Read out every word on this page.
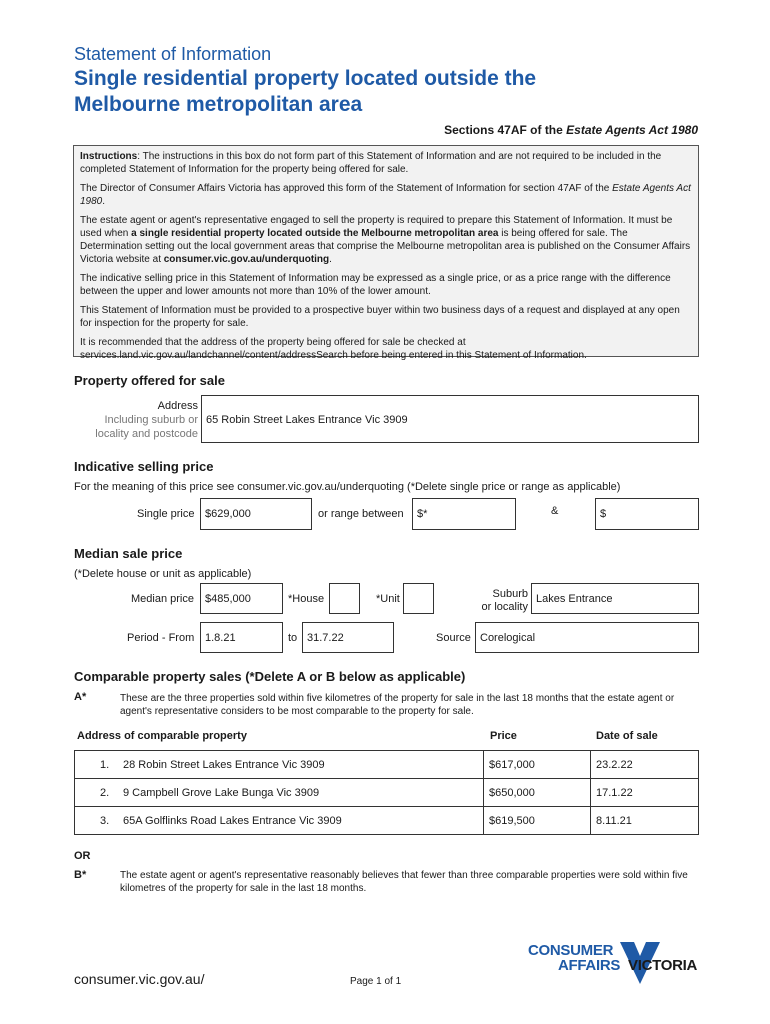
Statement of Information
Single residential property located outside the
Melbourne metropolitan area
Sections 47AF of the Estate Agents Act 1980

Instructions: The instructions in this box do not form part of this Statement of Information and are not required to be included in the completed Statement of Information for the property being offered for sale.

The Director of Consumer Affairs Victoria has approved this form of the Statement of Information for section 47AF of the Estate Agents Act 1980.

The estate agent or agent's representative engaged to sell the property is required to prepare this Statement of Information. It must be used when a single residential property located outside the Melbourne metropolitan area is being offered for sale. The Determination setting out the local government areas that comprise the Melbourne metropolitan area is published on the Consumer Affairs Victoria website at consumer.vic.gov.au/underquoting.

The indicative selling price in this Statement of Information may be expressed as a single price, or as a price range with the difference between the upper and lower amounts not more than 10% of the lower amount.

This Statement of Information must be provided to a prospective buyer within two business days of a request and displayed at any open for inspection for the property for sale.

It is recommended that the address of the property being offered for sale be checked at services.land.vic.gov.au/landchannel/content/addressSearch before being entered in this Statement of Information.

Property offered for sale
Address
Including suburb or
locality and postcode
65 Robin Street Lakes Entrance Vic 3909
Indicative selling price
For the meaning of this price see consumer.vic.gov.au/underquoting (*Delete single price or range as applicable)
Single price $629,000	or range between $*	&	$
Median sale price
(*Delete house or unit as applicable)
Median price $485,000	*House	*Unit	Suburb
or locality
Lakes Entrance
Period - From 1.8.21	to 31.7.22	Source Corelogical
Comparable property sales (*Delete A or B below as applicable)
A*	These are the three properties sold within five kilometres of the property for sale in the last 18 months that the estate agent or agent's representative considers to be most comparable to the property for sale.
Address of comparable property	Price	Date of sale
1. 28 Robin Street Lakes Entrance Vic 3909	$617,000	23.2.22
2. 9 Campbell Grove Lake Bunga Vic 3909	$650,000	17.1.22
3. 65A Golflinks Road Lakes Entrance Vic 3909	$619,500	8.11.21
OR
B*	The estate agent or agent's representative reasonably believes that fewer than three comparable properties were sold within five kilometres of the property for sale in the last 18 months.
consumer.vic.gov.au/	Page 1 of 1
CONSUMER
AFFAIRS VICTORIA
